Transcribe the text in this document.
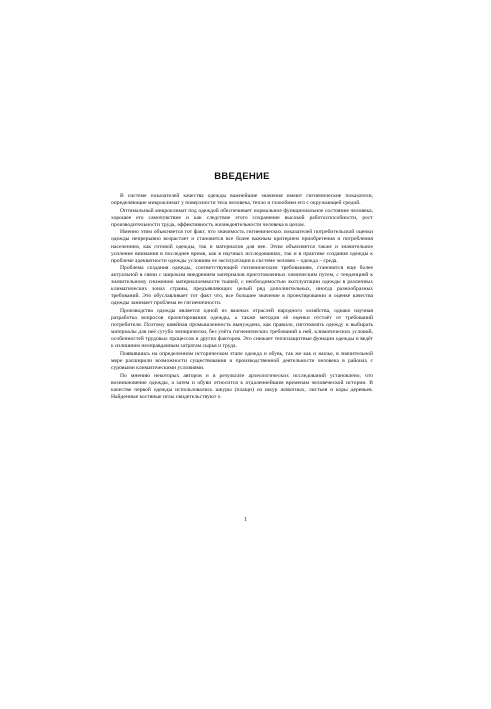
ВВЕДЕНИЕ

В системе показателей качества одежды важнейшие значения имеют гигиенические показатели, определяющие микроклимат у поверхности тела человека, тепло и газообмен его с окружающей средой.

Оптимальный микроклимат под одеждой обеспечивает нормальное функциональное состояние человека, хорошее его самочувствие и как следствие этого сохранение высокой работоспособности, рост производительности труда, эффективность жизнедеятельности человека в целом.

Именно этим объясняется тот факт, что значимость гигиенических показателей потребительской оценки одежды непрерывно возрастает и становится все более важным критерием приобретения и потребления населением, как готовой одежды, так и материалов для нее. Этим объясняется также и значительное усиление внимания в последнее время, как в научных исследованиях, так и в практике создания одежды к проблеме адекватности одежды условиям ее эксплуатации в системе человек – одежда – среда.

Проблема создания одежды, соответствующей гигиеническим требованиям, становится еще более актуальной в связи с широким внедрением материалов приготовленных химическим путем, с тенденцией к значительному снижению материалоемкости тканей, с необходимостью эксплуатации одежды в различных климатических зонах страны, предъявляющих целый ряд дополнительных, иногда разнообразных требований. Это обуславливает тот факт что, все большее значение в проектировании и оценке качества одежды занимает проблема ее гигиеничности.

Производство одежды является одной из важных отраслей народного хозяйства, однако научная разработка вопросов проектирования одежды, а также методов её оценки отстаёт от требований потребителя. Поэтому швейная промышленность вынуждена, как правило, изготовлять одежду и выбирать материалы для неё сугубо эмпирически, без учёта гигиенических требований к ней, климатических условий, особенностей трудовых процессов и других факторов. Это снижает теплозащитные функции одежды и ведёт к излишним неоправданным затратам сырья и труда.

Появившись на определенном историческом этапе одежда и обувь, так же как и жилье, в значительной мере расширили возможности существования и производственной деятельности человека в районах с суровыми климатическими условиями.

По мнению некоторых авторов и в результате археологических исследований установлено, что возникновение одежды, а затем и обуви относится к отдаленнейшим временам человеческой истории. В качестве первой одежды использовались шкуры (плащи) из шкур животных, листьев и коры деревьев. Найденные костяные иглы свидетельствуют о

1
